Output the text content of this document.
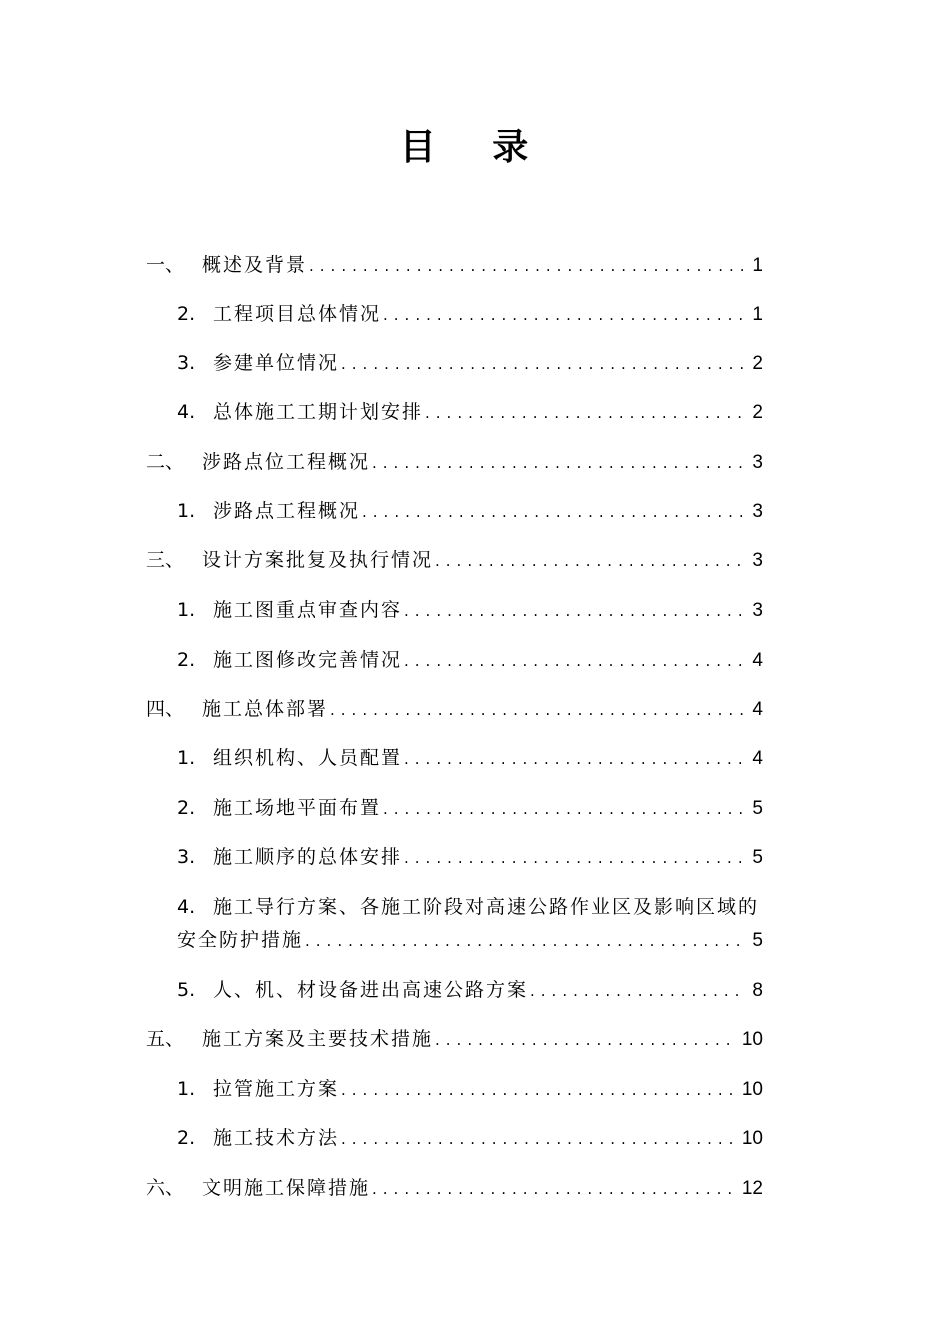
目 录
一、 概述及背景 .....	1
2. 工程项目总体情况 .....	1
3. 参建单位情况 .....	2
4. 总体施工工期计划安排 .....	2
二、 涉路点位工程概况 .....	3
1. 涉路点工程概况 .....	3
三、 设计方案批复及执行情况 .....	3
1. 施工图重点审查内容 .....	3
2. 施工图修改完善情况 .....	4
四、 施工总体部署 .....	4
1. 组织机构、人员配置 .....	4
2. 施工场地平面布置 .....	5
3. 施工顺序的总体安排 .....	5
4. 施工导行方案、各施工阶段对高速公路作业区及影响区域的
安全防护措施 .....	5
5. 人、机、材设备进出高速公路方案 .....	8
五、 施工方案及主要技术措施 .....	10
1. 拉管施工方案 .....	10
2. 施工技术方法 .....	10
六、 文明施工保障措施 .....	12
